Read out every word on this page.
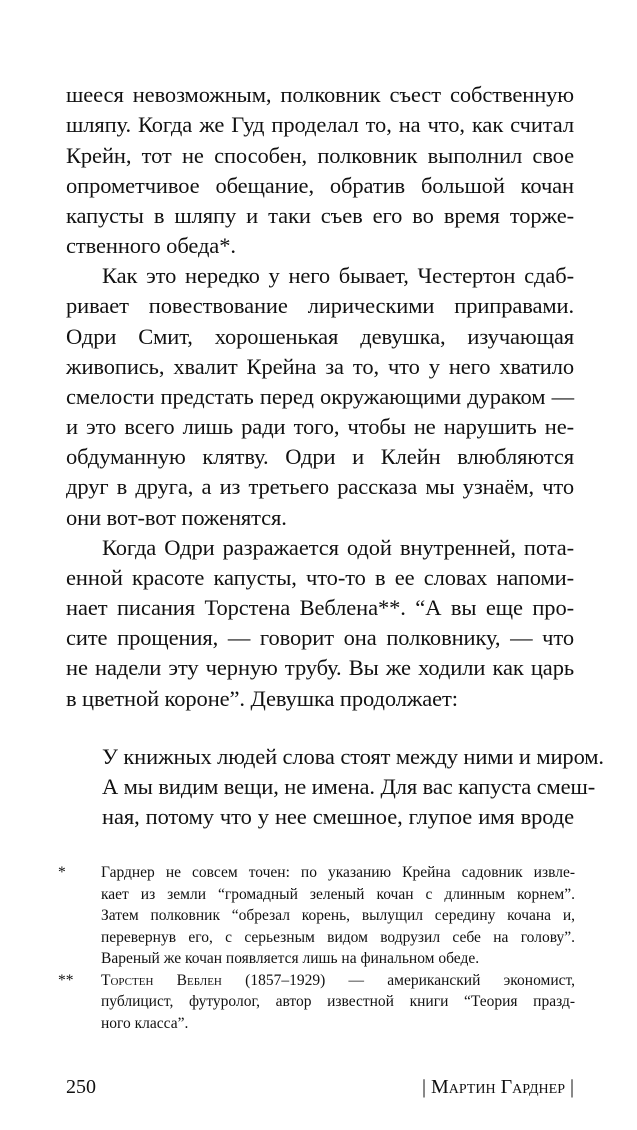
шееся невозможным, полковник съест собственную
шляпу. Когда же Гуд проделал то, на что, как считал
Крейн, тот не способен, полковник выполнил свое
опрометчивое обещание, обратив большой кочан
капусты в шляпу и таки съев его во время торже-
ственного обеда*.
Как это нередко у него бывает, Честертон сдаб-
ривает повествование лирическими приправами.
Одри Смит, хорошенькая девушка, изучающая
живопись, хвалит Крейна за то, что у него хватило
смелости предстать перед окружающими дураком —
и это всего лишь ради того, чтобы не нарушить не-
обдуманную клятву. Одри и Клейн влюбляются
друг в друга, а из третьего рассказа мы узнаём, что
они вот-вот поженятся.
Когда Одри разражается одой внутренней, пота-
енной красоте капусты, что-то в ее словах напоми-
нает писания Торстена Веблена**. “А вы еще про-
сите прощения, — говорит она полковнику, — что
не надели эту черную трубу. Вы же ходили как царь
в цветной короне”. Девушка продолжает:
У книжных людей слова стоят между ними и миром.
А мы видим вещи, не имена. Для вас капуста смеш-
ная, потому что у нее смешное, глупое имя вроде
* Гарднер не совсем точен: по указанию Крейна садовник извле-
кает из земли “громадный зеленый кочан с длинным корнем”.
Затем полковник “обрезал корень, вылущил середину кочана и,
перевернув его, с серьезным видом водрузил себе на голову”.
Вареный же кочан появляется лишь на финальном обеде.
** Торстен Веблен (1857–1929) — американский экономист,
публицист, футуролог, автор известной книги “Теория празд-
ного класса”.
250	| Мартин Гарднер |
